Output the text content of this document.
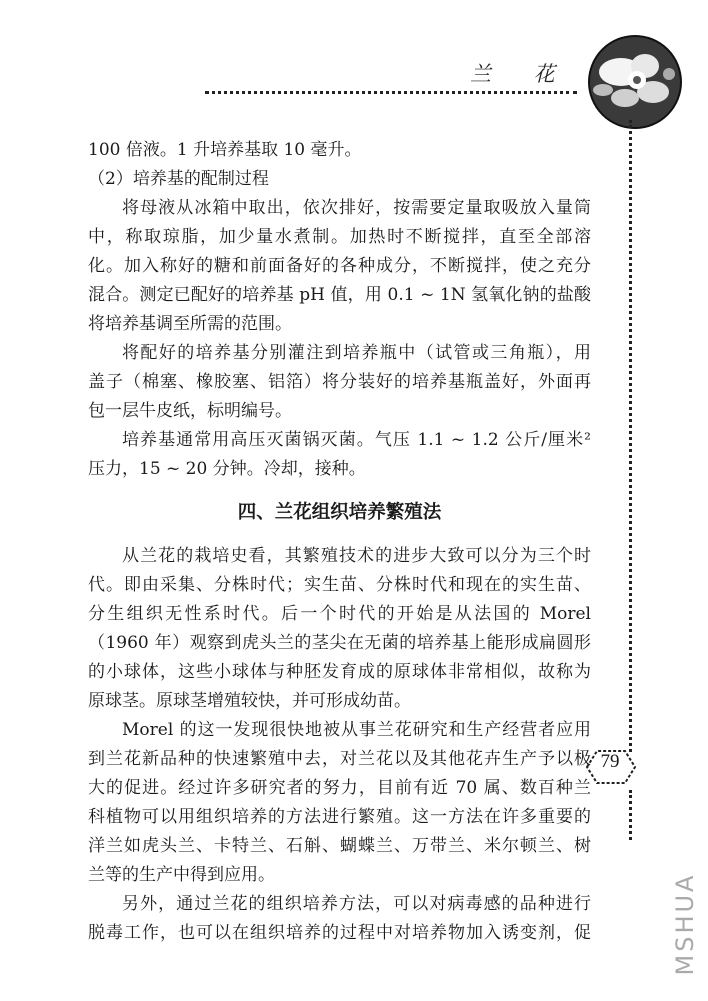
兰 花
79
100 倍液。1 升培养基取 10 毫升。
（2）培养基的配制过程
将母液从冰箱中取出，依次排好，按需要定量取吸放入量筒
中，称取琼脂，加少量水煮制。加热时不断搅拌，直至全部溶
化。加入称好的糖和前面备好的各种成分，不断搅拌，使之充分
混合。测定已配好的培养基 pH 值，用 0.1 ~ 1N 氢氧化钠的盐酸
将培养基调至所需的范围。
将配好的培养基分别灌注到培养瓶中（试管或三角瓶），用
盖子（棉塞、橡胶塞、铝箔）将分装好的培养基瓶盖好，外面再
包一层牛皮纸，标明编号。
培养基通常用高压灭菌锅灭菌。气压 1.1 ~ 1.2 公斤/厘米²
压力，15 ~ 20 分钟。冷却，接种。
四、兰花组织培养繁殖法
从兰花的栽培史看，其繁殖技术的进步大致可以分为三个时
代。即由采集、分株时代；实生苗、分株时代和现在的实生苗、
分生组织无性系时代。后一个时代的开始是从法国的 Morel
（1960 年）观察到虎头兰的茎尖在无菌的培养基上能形成扁圆形
的小球体，这些小球体与种胚发育成的原球体非常相似，故称为
原球茎。原球茎增殖较快，并可形成幼苗。
Morel 的这一发现很快地被从事兰花研究和生产经营者应用
到兰花新品种的快速繁殖中去，对兰花以及其他花卉生产予以极
大的促进。经过许多研究者的努力，目前有近 70 属、数百种兰
科植物可以用组织培养的方法进行繁殖。这一方法在许多重要的
洋兰如虎头兰、卡特兰、石斛、蝴蝶兰、万带兰、米尔顿兰、树
兰等的生产中得到应用。
另外，通过兰花的组织培养方法，可以对病毒感的品种进行
脱毒工作，也可以在组织培养的过程中对培养物加入诱变剂，促	MSHUA
